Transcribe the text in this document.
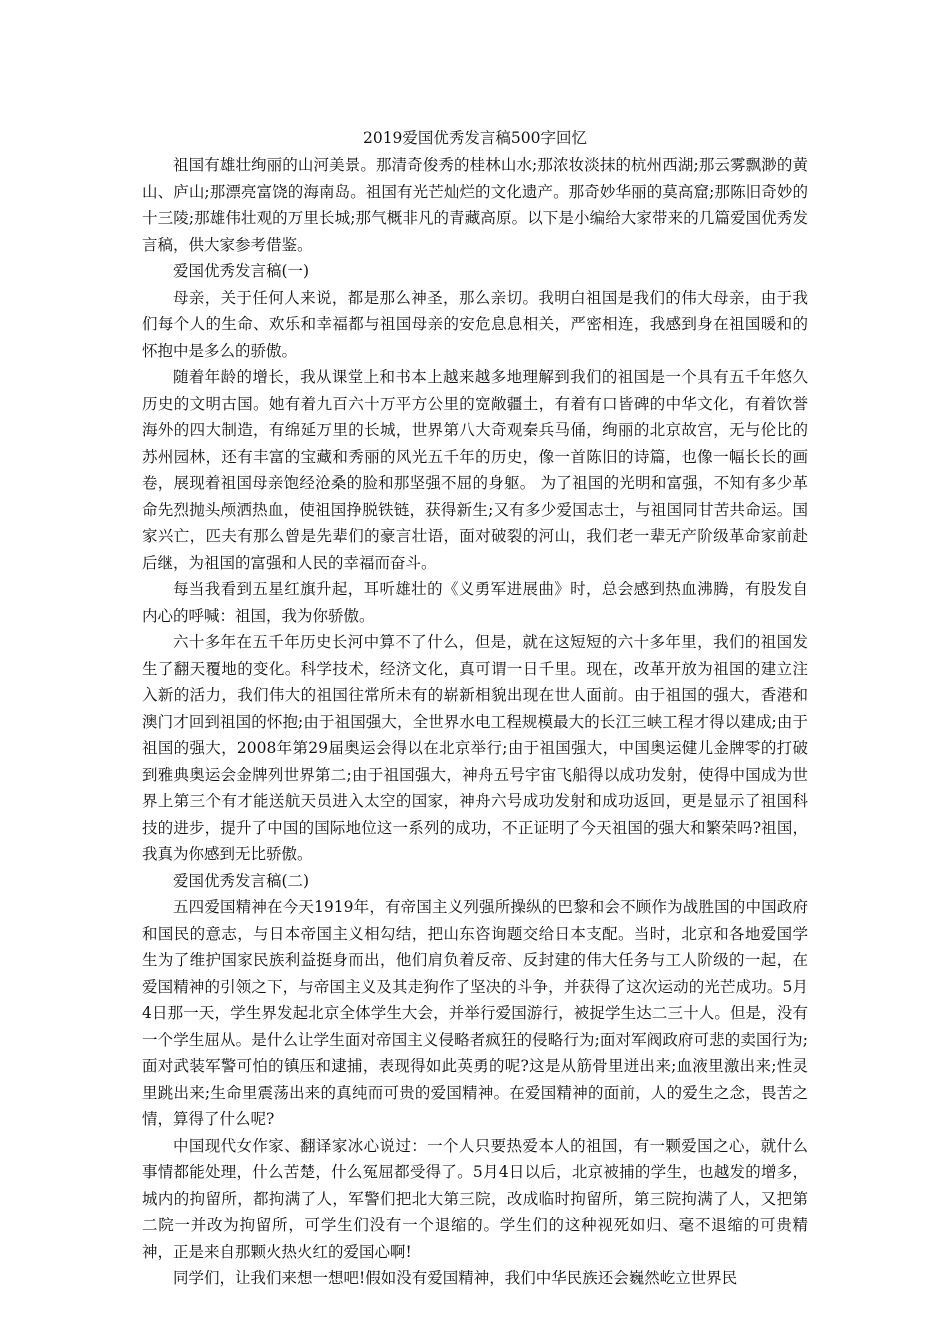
2019爱国优秀发言稿500字回忆

祖国有雄壮绚丽的山河美景。那清奇俊秀的桂林山水;那浓妆淡抹的杭州西湖;那云雾飘渺的黄山、庐山;那漂亮富饶的海南岛。祖国有光芒灿烂的文化遗产。那奇妙华丽的莫高窟;那陈旧奇妙的十三陵;那雄伟壮观的万里长城;那气概非凡的青藏高原。以下是小编给大家带来的几篇爱国优秀发言稿，供大家参考借鉴。

爱国优秀发言稿(一)

母亲，关于任何人来说，都是那么神圣，那么亲切。我明白祖国是我们的伟大母亲，由于我们每个人的生命、欢乐和幸福都与祖国母亲的安危息息相关，严密相连，我感到身在祖国暖和的怀抱中是多么的骄傲。

随着年龄的增长，我从课堂上和书本上越来越多地理解到我们的祖国是一个具有五千年悠久历史的文明古国。她有着九百六十万平方公里的宽敞疆土，有着有口皆碑的中华文化，有着饮誉海外的四大制造，有绵延万里的长城，世界第八大奇观秦兵马俑，绚丽的北京故宫，无与伦比的苏州园林，还有丰富的宝藏和秀丽的风光五千年的历史，像一首陈旧的诗篇，也像一幅长长的画卷，展现着祖国母亲饱经沧桑的脸和那坚强不屈的身躯。 为了祖国的光明和富强，不知有多少革命先烈抛头颅洒热血，使祖国挣脱铁链，获得新生;又有多少爱国志士，与祖国同甘苦共命运。国家兴亡，匹夫有那么曾是先辈们的豪言壮语，面对破裂的河山，我们老一辈无产阶级革命家前赴后继，为祖国的富强和人民的幸福而奋斗。

每当我看到五星红旗升起，耳听雄壮的《义勇军进展曲》时，总会感到热血沸腾，有股发自内心的呼喊：祖国，我为你骄傲。

六十多年在五千年历史长河中算不了什么，但是，就在这短短的六十多年里，我们的祖国发生了翻天覆地的变化。科学技术，经济文化，真可谓一日千里。现在，改革开放为祖国的建立注入新的活力，我们伟大的祖国往常所未有的崭新相貌出现在世人面前。由于祖国的强大，香港和澳门才回到祖国的怀抱;由于祖国强大，全世界水电工程规模最大的长江三峡工程才得以建成;由于祖国的强大，2008年第29届奥运会得以在北京举行;由于祖国强大，中国奥运健儿金牌零的打破到雅典奥运会金牌列世界第二;由于祖国强大，神舟五号宇宙飞船得以成功发射，使得中国成为世界上第三个有才能送航天员进入太空的国家，神舟六号成功发射和成功返回，更是显示了祖国科技的进步，提升了中国的国际地位这一系列的成功，不正证明了今天祖国的强大和繁荣吗?祖国，我真为你感到无比骄傲。

爱国优秀发言稿(二)

五四爱国精神在今天1919年，有帝国主义列强所操纵的巴黎和会不顾作为战胜国的中国政府和国民的意志，与日本帝国主义相勾结，把山东咨询题交给日本支配。当时，北京和各地爱国学生为了维护国家民族利益挺身而出，他们肩负着反帝、反封建的伟大任务与工人阶级的一起，在爱国精神的引领之下，与帝国主义及其走狗作了坚决的斗争，并获得了这次运动的光芒成功。5月4日那一天，学生界发起北京全体学生大会，并举行爱国游行，被捉学生达二三十人。但是，没有一个学生屈从。是什么让学生面对帝国主义侵略者疯狂的侵略行为;面对军阀政府可悲的卖国行为;面对武装军警可怕的镇压和逮捕，表现得如此英勇的呢?这是从筋骨里迸出来;血液里激出来;性灵里跳出来;生命里震荡出来的真纯而可贵的爱国精神。在爱国精神的面前，人的爱生之念，畏苦之情，算得了什么呢?

中国现代女作家、翻译家冰心说过：一个人只要热爱本人的祖国，有一颗爱国之心，就什么事情都能处理，什么苦楚，什么冤屈都受得了。5月4日以后，北京被捕的学生，也越发的增多，城内的拘留所，都拘满了人，军警们把北大第三院，改成临时拘留所，第三院拘满了人，又把第二院一并改为拘留所，可学生们没有一个退缩的。学生们的这种视死如归、毫不退缩的可贵精神，正是来自那颗火热火红的爱国心啊!

同学们，让我们来想一想吧!假如没有爱国精神，我们中华民族还会巍然屹立世界民
